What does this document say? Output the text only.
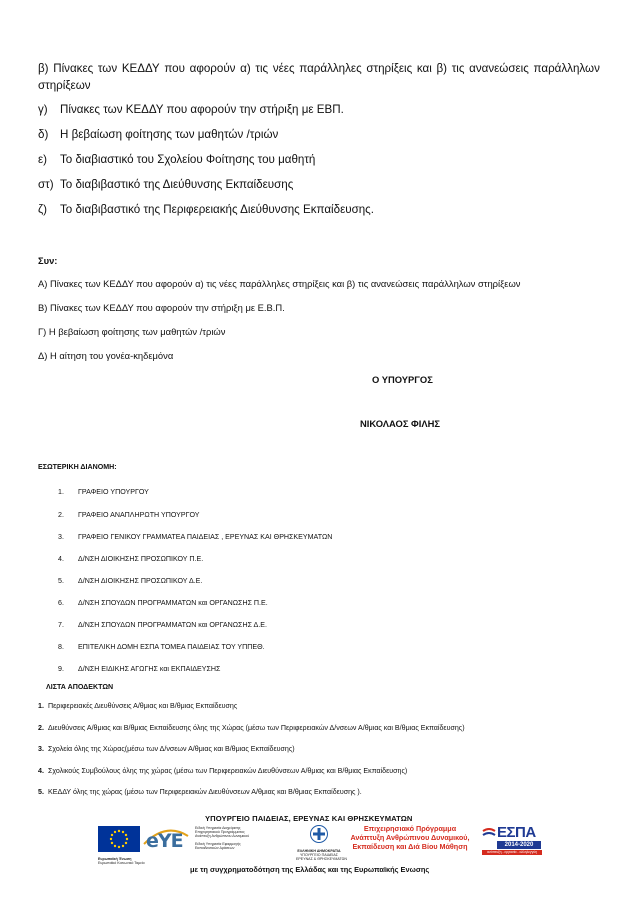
β) Πίνακες των ΚΕΔΔΥ που αφορούν α) τις νέες παράλληλες στηρίξεις και β) τις ανανεώσεις παράλληλων
στηρίξεων
γ) Πίνακες των ΚΕΔΔΥ που αφορούν την στήριξη με ΕΒΠ.
δ) Η βεβαίωση φοίτησης των μαθητών /τριών
ε) Το διαβιαστικό του Σχολείου Φοίτησης του μαθητή
στ) Το διαβιβαστικό της Διεύθυνσης Εκπαίδευσης
ζ) Το διαβιβαστικό της Περιφερειακής Διεύθυνσης Εκπαίδευσης.
Συν:
Α) Πίνακες των ΚΕΔΔΥ που αφορούν α) τις νέες παράλληλες στηρίξεις και β) τις ανανεώσεις παράλληλων στηρίξεων
Β) Πίνακες των ΚΕΔΔΥ που αφορούν την στήριξη με Ε.Β.Π.
Γ) Η βεβαίωση φοίτησης των μαθητών /τριών
Δ) Η αίτηση του γονέα-κηδεμόνα
Ο ΥΠΟΥΡΓΟΣ
ΝΙΚΟΛΑΟΣ ΦΙΛΗΣ
ΕΣΩΤΕΡΙΚΗ ΔΙΑΝΟΜΗ:
1. ΓΡΑΦΕΙΟ ΥΠΟΥΡΓΟΥ
2. ΓΡΑΦΕΙΟ ΑΝΑΠΛΗΡΩΤΗ ΥΠΟΥΡΓΟΥ
3. ΓΡΑΦΕΙΟ ΓΕΝΙΚΟΥ ΓΡΑΜΜΑΤΕΑ ΠΑΙΔΕΙΑΣ , ΕΡΕΥΝΑΣ ΚΑΙ ΘΡΗΣΚΕΥΜΑΤΩΝ
4. Δ/ΝΣΗ ΔΙΟΙΚΗΣΗΣ ΠΡΟΣΩΠΙΚΟΥ Π.Ε.
5. Δ/ΝΣΗ ΔΙΟΙΚΗΣΗΣ ΠΡΟΣΩΠΙΚΟΥ Δ.Ε.
6. Δ/ΝΣΗ ΣΠΟΥΔΩΝ ΠΡΟΓΡΑΜΜΑΤΩΝ και ΟΡΓΑΝΩΣΗΣ Π.Ε.
7. Δ/ΝΣΗ ΣΠΟΥΔΩΝ ΠΡΟΓΡΑΜΜΑΤΩΝ και ΟΡΓΑΝΩΣΗΣ Δ.Ε.
8. ΕΠΙΤΕΛΙΚΗ ΔΟΜΗ ΕΣΠΑ ΤΟΜΕΑ ΠΑΙΔΕΙΑΣ ΤΟΥ ΥΠΠΕΘ.
9. Δ/ΝΣΗ ΕΙΔΙΚΗΣ ΑΓΩΓΗΣ και ΕΚΠΑΙΔΕΥΣΗΣ
ΛΙΣΤΑ ΑΠΟΔΕΚΤΩΝ
1. Περιφερειακές Διευθύνσεις Α/θμιας και Β/θμιας Εκπαίδευσης
2. Διευθύνσεις Α/θμιας και Β/θμιας Εκπαίδευσης όλης της Χώρας (μέσω των Περιφερειακών Δ/νσεων Α/θμιας και Β/θμιας Εκπαίδευσης)
3. Σχολεία όλης της Χώρας(μέσω των Δ/νσεων Α/θμιας και Β/θμιας Εκπαίδευσης)
4. Σχολικούς Συμβούλους όλης της χώρας (μέσω των Περιφερειακών Διευθύνσεων Α/θμιας και Β/θμιας Εκπαίδευσης)
5. ΚΕΔΔΥ όλης της χώρας (μέσω των Περιφερειακών Διευθύνσεων Α/θμιας και Β/θμιας Εκπαίδευσης ).
ΥΠΟΥΡΓΕΙΟ ΠΑΙΔΕΙΑΣ, ΕΡΕΥΝΑΣ ΚΑΙ ΘΡΗΣΚΕΥΜΑΤΩΝ
Ευρωπαϊκή Ένωση
Ευρωπαϊκό Κοινωνικό Ταμείο
eYE
Ειδική Υπηρεσία Διαχείρισης
Επιχειρησιακού Προγράμματος
Ανάπτυξη Ανθρώπινου Δυναμικού
Ειδική Υπηρεσία Εφαρμογής
Εκπαιδευτικών Δράσεων
ΕΛΛΗΝΙΚΗ ΔΗΜΟΚΡΑΤΙΑ
ΥΠΟΥΡΓΕΙΟ ΠΑΙΔΕΙΑΣ
ΕΡΕΥΝΑΣ & ΘΡΗΣΚΕΥΜΑΤΩΝ
Επιχειρησιακό Πρόγραμμα
Ανάπτυξη Ανθρώπινου Δυναμικού,
Εκπαίδευση και Διά Βίου Μάθηση
ΕΣΠΑ
2014-2020
ανάπτυξη - εργασία - αλληλεγγύη
με τη συγχρηματοδότηση της Ελλάδας και της Ευρωπαϊκής Ενωσης
